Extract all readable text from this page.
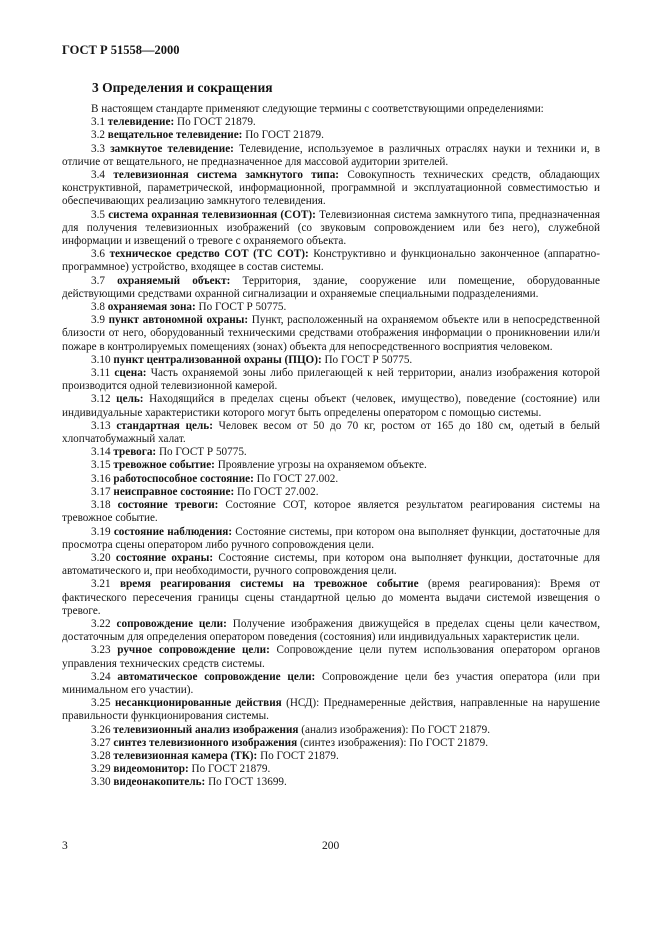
ГОСТ Р 51558—2000
3 Определения и сокращения

В настоящем стандарте применяют следующие термины с соответствующими определениями:

3.1 телевидение: По ГОСТ 21879.

3.2 вещательное телевидение: По ГОСТ 21879.

3.3 замкнутое телевидение: Телевидение, используемое в различных отраслях науки и техники и, в отличие от вещательного, не предназначенное для массовой аудитории зрителей.

3.4 телевизионная система замкнутого типа: Совокупность технических средств, обладающих конструктивной, параметрической, информационной, программной и эксплуатационной совместимостью и обеспечивающих реализацию замкнутого телевидения.

3.5 система охранная телевизионная (СОТ): Телевизионная система замкнутого типа, предназначенная для получения телевизионных изображений (со звуковым сопровождением или без него), служебной информации и извещений о тревоге с охраняемого объекта.

3.6 техническое средство СОТ (ТС СОТ): Конструктивно и функционально законченное (аппаратно-программное) устройство, входящее в состав системы.

3.7 охраняемый объект: Территория, здание, сооружение или помещение, оборудованные действующими средствами охранной сигнализации и охраняемые специальными подразделениями.

3.8 охраняемая зона: По ГОСТ Р 50775.

3.9 пункт автономной охраны: Пункт, расположенный на охраняемом объекте или в непосредственной близости от него, оборудованный техническими средствами отображения информации о проникновении или/и пожаре в контролируемых помещениях (зонах) объекта для непосредственного восприятия человеком.

3.10 пункт централизованной охраны (ПЦО): По ГОСТ Р 50775.

3.11 сцена: Часть охраняемой зоны либо прилегающей к ней территории, анализ изображения которой производится одной телевизионной камерой.

3.12 цель: Находящийся в пределах сцены объект (человек, имущество), поведение (состояние) или индивидуальные характеристики которого могут быть определены оператором с помощью системы.

3.13 стандартная цель: Человек весом от 50 до 70 кг, ростом от 165 до 180 см, одетый в белый хлопчатобумажный халат.

3.14 тревога: По ГОСТ Р 50775.

3.15 тревожное событие: Проявление угрозы на охраняемом объекте.

3.16 работоспособное состояние: По ГОСТ 27.002.

3.17 неисправное состояние: По ГОСТ 27.002.

3.18 состояние тревоги: Состояние СОТ, которое является результатом реагирования системы на тревожное событие.

3.19 состояние наблюдения: Состояние системы, при котором она выполняет функции, достаточные для просмотра сцены оператором либо ручного сопровождения цели.

3.20 состояние охраны: Состояние системы, при котором она выполняет функции, достаточные для автоматического и, при необходимости, ручного сопровождения цели.

3.21 время реагирования системы на тревожное событие (время реагирования): Время от фактического пересечения границы сцены стандартной целью до момента выдачи системой извещения о тревоге.

3.22 сопровождение цели: Получение изображения движущейся в пределах сцены цели качеством, достаточным для определения оператором поведения (состояния) или индивидуальных характеристик цели.

3.23 ручное сопровождение цели: Сопровождение цели путем использования оператором органов управления технических средств системы.

3.24 автоматическое сопровождение цели: Сопровождение цели без участия оператора (или при минимальном его участии).

3.25 несанкционированные действия (НСД): Преднамеренные действия, направленные на нарушение правильности функционирования системы.

3.26 телевизионный анализ изображения (анализ изображения): По ГОСТ 21879.

3.27 синтез телевизионного изображения (синтез изображения): По ГОСТ 21879.

3.28 телевизионная камера (ТК): По ГОСТ 21879.

3.29 видеомонитор: По ГОСТ 21879.

3.30 видеонакопитель: По ГОСТ 13699.

3	200
